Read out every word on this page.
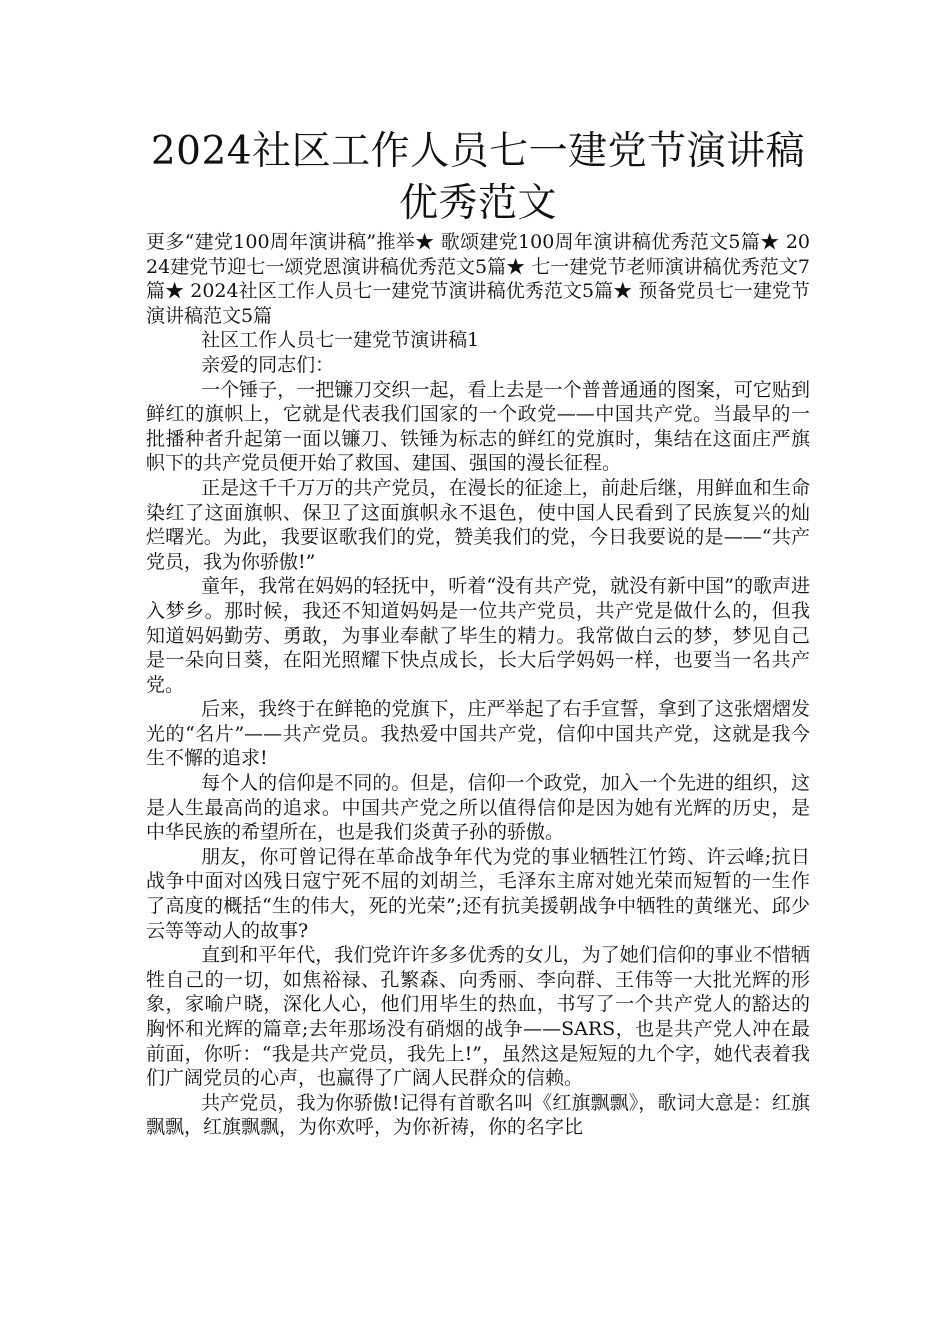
2024社区工作人员七一建党节演讲稿优秀范文

更多“建党100周年演讲稿”推举★ 歌颂建党100周年演讲稿优秀范文5篇★ 2024建党节迎七一颂党恩演讲稿优秀范文5篇★ 七一建党节老师演讲稿优秀范文7篇★ 2024社区工作人员七一建党节演讲稿优秀范文5篇★ 预备党员七一建党节演讲稿范文5篇

社区工作人员七一建党节演讲稿1

亲爱的同志们：

一个锤子，一把镰刀交织一起，看上去是一个普普通通的图案，可它贴到鲜红的旗帜上，它就是代表我们国家的一个政党——中国共产党。当最早的一批播种者升起第一面以镰刀、铁锤为标志的鲜红的党旗时，集结在这面庄严旗帜下的共产党员便开始了救国、建国、强国的漫长征程。

正是这千千万万的共产党员，在漫长的征途上，前赴后继，用鲜血和生命染红了这面旗帜、保卫了这面旗帜永不退色，使中国人民看到了民族复兴的灿烂曙光。为此，我要讴歌我们的党，赞美我们的党，今日我要说的是——“共产党员，我为你骄傲!”

童年，我常在妈妈的轻抚中，听着“没有共产党，就没有新中国”的歌声进入梦乡。那时候，我还不知道妈妈是一位共产党员，共产党是做什么的，但我知道妈妈勤劳、勇敢，为事业奉献了毕生的精力。我常做白云的梦，梦见自己是一朵向日葵，在阳光照耀下快点成长，长大后学妈妈一样，也要当一名共产党。

后来，我终于在鲜艳的党旗下，庄严举起了右手宣誓，拿到了这张熠熠发光的“名片”——共产党员。我热爱中国共产党，信仰中国共产党，这就是我今生不懈的追求!

每个人的信仰是不同的。但是，信仰一个政党，加入一个先进的组织，这是人生最高尚的追求。中国共产党之所以值得信仰是因为她有光辉的历史，是中华民族的希望所在，也是我们炎黄子孙的骄傲。

朋友，你可曾记得在革命战争年代为党的事业牺牲江竹筠、许云峰;抗日战争中面对凶残日寇宁死不屈的刘胡兰，毛泽东主席对她光荣而短暂的一生作了高度的概括“生的伟大，死的光荣”;还有抗美援朝战争中牺牲的黄继光、邱少云等等动人的故事?

直到和平年代，我们党许许多多优秀的女儿，为了她们信仰的事业不惜牺牲自己的一切，如焦裕禄、孔繁森、向秀丽、李向群、王伟等一大批光辉的形象，家喻户晓，深化人心，他们用毕生的热血，书写了一个共产党人的豁达的胸怀和光辉的篇章;去年那场没有硝烟的战争——SARS，也是共产党人冲在最前面，你听：“我是共产党员，我先上!”，虽然这是短短的九个字，她代表着我们广阔党员的心声，也赢得了广阔人民群众的信赖。

共产党员，我为你骄傲!记得有首歌名叫《红旗飘飘》，歌词大意是：红旗飘飘，红旗飘飘，为你欢呼，为你祈祷，你的名字比
